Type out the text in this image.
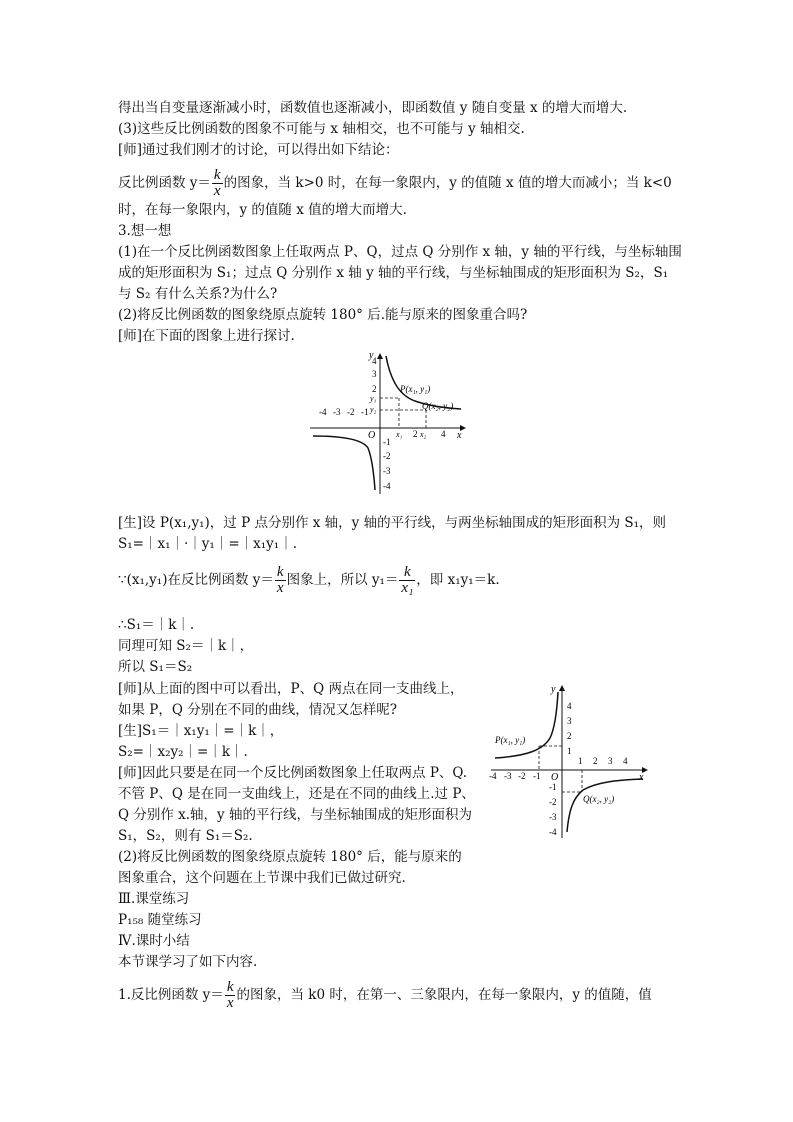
得出当自变量逐渐减小时，函数值也逐渐减小，即函数值 y 随自变量 x 的增大而增大.
(3)这些反比例函数的图象不可能与 x 轴相交，也不可能与 y 轴相交.
[师]通过我们刚才的讨论，可以得出如下结论：
反比例函数 $y= \frac{k}{x}$ 的图象，当 k>0 时，在每一象限内，y 的值随 x 值的增大而减小；当 k<0
时，在每一象限内，y 的值随 x 值的增大而增大.
3.想一想
(1)在一个反比例函数图象上任取两点 P、Q，过点 Q 分别作 x 轴，y 轴的平行线，与坐标轴围
成的矩形面积为 S₁；过点 Q 分别作 x 轴 y 轴的平行线，与坐标轴围成的矩形面积为 S₂，S₁
与 S₂ 有什么关系?为什么?
(2)将反比例函数的图象绕原点旋转 180° 后.能与原来的图象重合吗?
[师]在下面的图象上进行探讨.
-4 -3 -2 -1
2	4
x₁ x₂
4
3
2
y₁
y₂
-1
-2
-3
-4
O	x
y
P(x₁, y₁)
Q(x₂, y₂)
[生]设 P(x₁,y₁)，过 P 点分别作 x 轴，y 轴的平行线，与两坐标轴围成的矩形面积为 S₁，则
S₁=｜x₁｜·｜y₁｜=｜x₁y₁｜.
∵(x₁,y₁)在反比例函数 $y= \frac{k}{x}$ 图象上，所以 $y_1= \frac{k}{\text{x₁}}$ ，即 x₁y₁＝k.
∴S₁＝｜k｜.
同理可知 S₂＝｜k｜，
所以 S₁＝S₂
[师]从上面的图中可以看出，P、Q 两点在同一支曲线上，
如果 P，Q 分别在不同的曲线，情况又怎样呢?
[生]S₁＝｜x₁y₁｜=｜k｜，
S₂=｜x₂y₂｜=｜k｜.
[师]因此只要是在同一个反比例函数图象上任取两点 P、Q.
不管 P、Q 是在同一支曲线上，还是在不同的曲线上.过 P、
Q 分别作 x.轴，y 轴的平行线，与坐标轴围成的矩形面积为
S₁，S₂，则有 S₁＝S₂.
(2)将反比例函数的图象绕原点旋转 180° 后，能与原来的
图象重合，这个问题在上节课中我们已做过研究.
-4 -3 -2 -1
1 2 3 4
4
3
2
1
-1
-2
-3
-4
O	x
y
P(x₁, y₁)
Q(x₂, y₂)
Ⅲ.课堂练习
P₁₅₈ 随堂练习
Ⅳ.课时小结
本节课学习了如下内容.
1.反比例函数 $y= \frac{k}{x}$ 的图象，当 k0 时，在第一、三象限内，在每一象限内，y 的值随，值
